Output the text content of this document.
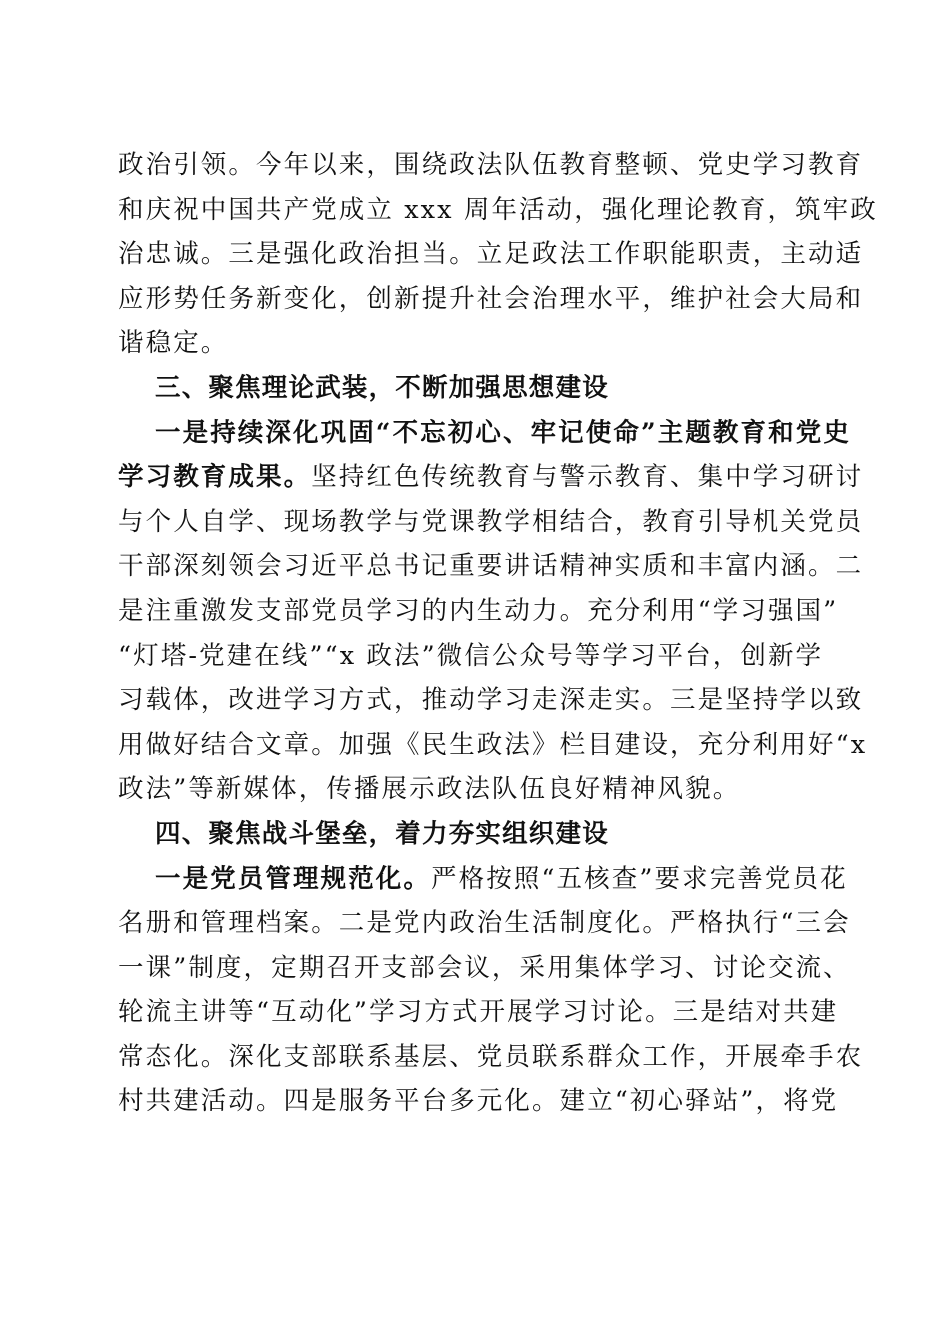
政治引领。今年以来，围绕政法队伍教育整顿、党史学习教育
和庆祝中国共产党成立 xxx 周年活动，强化理论教育，筑牢政
治忠诚。三是强化政治担当。立足政法工作职能职责，主动适
应形势任务新变化，创新提升社会治理水平，维护社会大局和
谐稳定。
三、聚焦理论武装，不断加强思想建设
一是持续深化巩固“不忘初心、牢记使命”主题教育和党史
学习教育成果。坚持红色传统教育与警示教育、集中学习研讨
与个人自学、现场教学与党课教学相结合，教育引导机关党员
干部深刻领会习近平总书记重要讲话精神实质和丰富内涵。二
是注重激发支部党员学习的内生动力。充分利用“学习强国”
“灯塔-党建在线”“x 政法”微信公众号等学习平台，创新学
习载体，改进学习方式，推动学习走深走实。三是坚持学以致
用做好结合文章。加强《民生政法》栏目建设，充分利用好“x
政法”等新媒体，传播展示政法队伍良好精神风貌。
四、聚焦战斗堡垒，着力夯实组织建设
一是党员管理规范化。严格按照“五核查”要求完善党员花
名册和管理档案。二是党内政治生活制度化。严格执行“三会
一课”制度，定期召开支部会议，采用集体学习、讨论交流、
轮流主讲等“互动化”学习方式开展学习讨论。三是结对共建
常态化。深化支部联系基层、党员联系群众工作，开展牵手农
村共建活动。四是服务平台多元化。建立“初心驿站”，将党
